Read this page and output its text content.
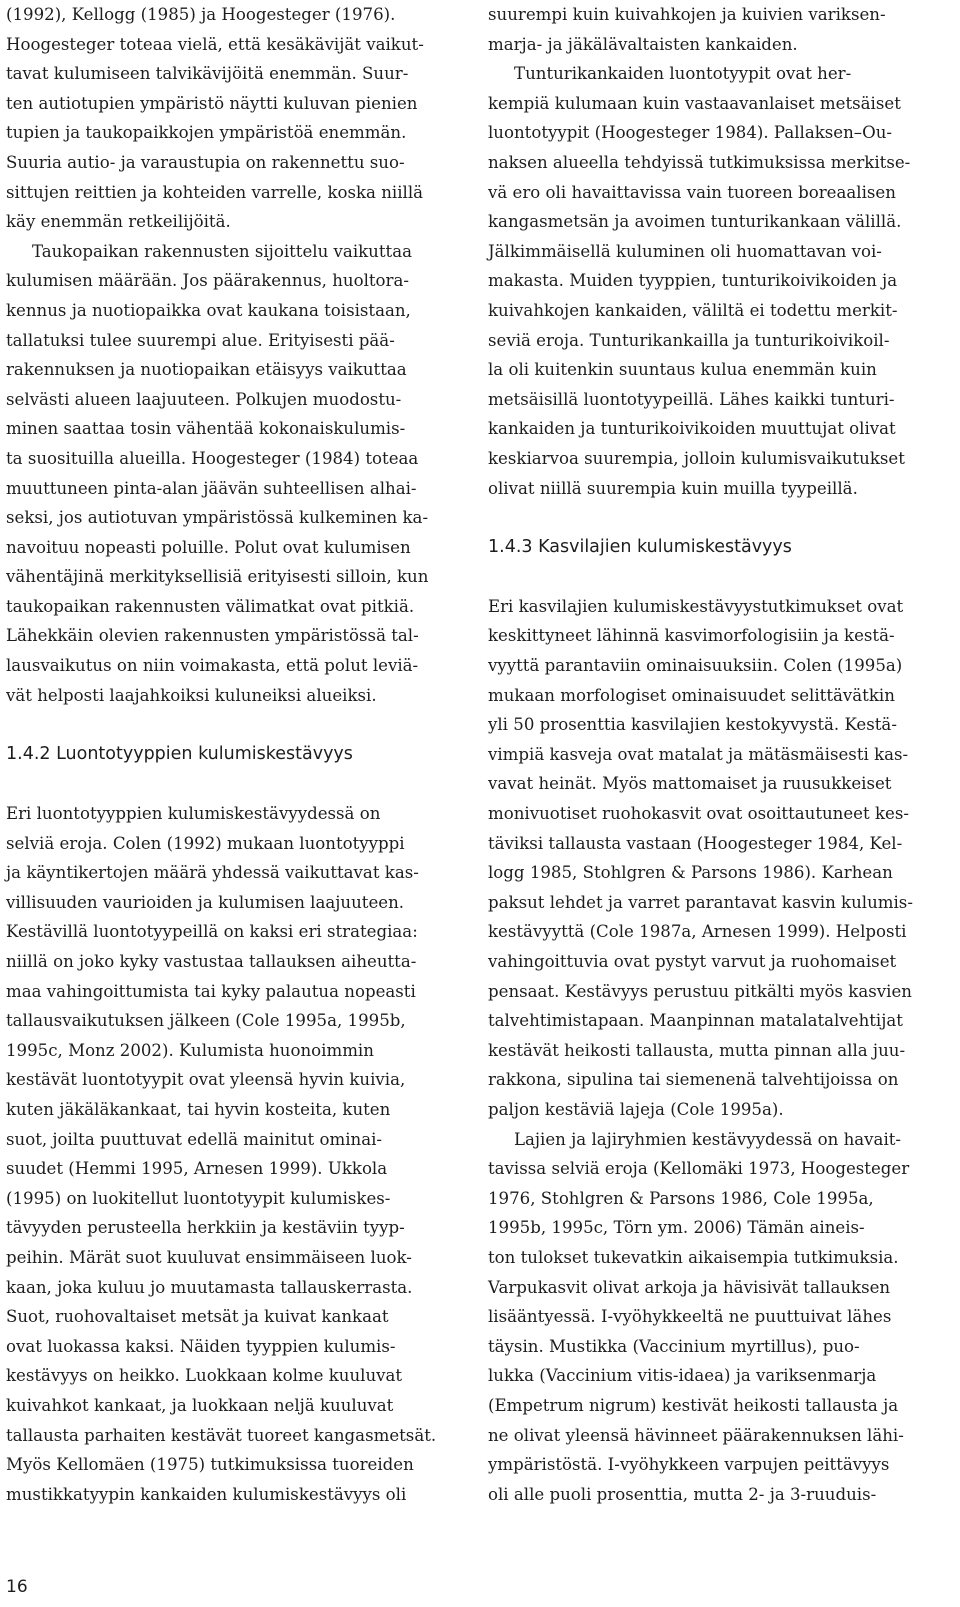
(1992), Kellogg (1985) ja Hoogesteger (1976).

Hoogesteger toteaa vielä, että kesäkävijät vaikut-

tavat kulumiseen talvikävijöitä enemmän. Suur-

ten autiotupien ympäristö näytti kuluvan pienien

tupien ja taukopaikkojen ympäristöä enemmän.

Suuria autio- ja varaustupia on rakennettu suo-

sittujen reittien ja kohteiden varrelle, koska niillä

käy enemmän retkeilijöitä.

Taukopaikan rakennusten sijoittelu vaikuttaa

kulumisen määrään. Jos päärakennus, huoltora-

kennus ja nuotiopaikka ovat kaukana toisistaan,

tallatuksi tulee suurempi alue. Erityisesti pää-

rakennuksen ja nuotiopaikan etäisyys vaikuttaa

selvästi alueen laajuuteen. Polkujen muodostu-

minen saattaa tosin vähentää kokonaiskulumis-

ta suosituilla alueilla. Hoogesteger (1984) toteaa

muuttuneen pinta-alan jäävän suhteellisen alhai-

seksi, jos autiotuvan ympäristössä kulkeminen ka-

navoituu nopeasti poluille. Polut ovat kulumisen

vähentäjinä merkityksellisiä erityisesti silloin, kun

taukopaikan rakennusten välimatkat ovat pitkiä.

Lähekkäin olevien rakennusten ympäristössä tal-

lausvaikutus on niin voimakasta, että polut leviä-

vät helposti laajahkoiksi kuluneiksi alueiksi.

1.4.2 Luontotyyppien kulumiskestävyys

Eri luontotyyppien kulumiskestävyydessä on

selviä eroja. Colen (1992) mukaan luontotyyppi

ja käyntikertojen määrä yhdessä vaikuttavat kas-

villisuuden vaurioiden ja kulumisen laajuuteen.

Kestävillä luontotyypeillä on kaksi eri strategiaa:

niillä on joko kyky vastustaa tallauksen aiheutta-

maa vahingoittumista tai kyky palautua nopeasti

tallausvaikutuksen jälkeen (Cole 1995a, 1995b,

1995c, Monz 2002). Kulumista huonoimmin

kestävät luontotyypit ovat yleensä hyvin kuivia,

kuten jäkäläkankaat, tai hyvin kosteita, kuten

suot, joilta puuttuvat edellä mainitut ominai-

suudet (Hemmi 1995, Arnesen 1999). Ukkola

(1995) on luokitellut luontotyypit kulumiskes-

tävyyden perusteella herkkiin ja kestäviin tyyp-

peihin. Märät suot kuuluvat ensimmäiseen luok-

kaan, joka kuluu jo muutamasta tallauskerrasta.

Suot, ruohovaltaiset metsät ja kuivat kankaat

ovat luokassa kaksi. Näiden tyyppien kulumis-

kestävyys on heikko. Luokkaan kolme kuuluvat

kuivahkot kankaat, ja luokkaan neljä kuuluvat

tallausta parhaiten kestävät tuoreet kangasmetsät.

Myös Kellomäen (1975) tutkimuksissa tuoreiden

mustikkatyypin kankaiden kulumiskestävyys oli

suurempi kuin kuivahkojen ja kuivien variksen-

marja- ja jäkälävaltaisten kankaiden.

Tunturikankaiden luontotyypit ovat her-

kempiä kulumaan kuin vastaavanlaiset metsäiset

luontotyypit (Hoogesteger 1984). Pallaksen–Ou-

naksen alueella tehdyissä tutkimuksissa merkitse-

vä ero oli havaittavissa vain tuoreen boreaalisen

kangasmetsän ja avoimen tunturikankaan välillä.

Jälkimmäisellä kuluminen oli huomattavan voi-

makasta. Muiden tyyppien, tunturikoivikoiden ja

kuivahkojen kankaiden, väliltä ei todettu merkit-

seviä eroja. Tunturikankailla ja tunturikoivikoil-

la oli kuitenkin suuntaus kulua enemmän kuin

metsäisillä luontotyypeillä. Lähes kaikki tunturi-

kankaiden ja tunturikoivikoiden muuttujat olivat

keskiarvoa suurempia, jolloin kulumisvaikutukset

olivat niillä suurempia kuin muilla tyypeillä.

1.4.3 Kasvilajien kulumiskestävyys

Eri kasvilajien kulumiskestävyystutkimukset ovat

keskittyneet lähinnä kasvimorfologisiin ja kestä-

vyyttä parantaviin ominaisuuksiin. Colen (1995a)

mukaan morfologiset ominaisuudet selittävätkin

yli 50 prosenttia kasvilajien kestokyvystä. Kestä-

vimpiä kasveja ovat matalat ja mätäsmäisesti kas-

vavat heinät. Myös mattomaiset ja ruusukkeiset

monivuotiset ruohokasvit ovat osoittautuneet kes-

täviksi tallausta vastaan (Hoogesteger 1984, Kel-

logg 1985, Stohlgren & Parsons 1986). Karhean

paksut lehdet ja varret parantavat kasvin kulumis-

kestävyyttä (Cole 1987a, Arnesen 1999). Helposti

vahingoittuvia ovat pystyt varvut ja ruohomaiset

pensaat. Kestävyys perustuu pitkälti myös kasvien

talvehtimistapaan. Maanpinnan matalatalvehtijat

kestävät heikosti tallausta, mutta pinnan alla juu-

rakkona, sipulina tai siemenenä talvehtijoissa on

paljon kestäviä lajeja (Cole 1995a).

Lajien ja lajiryhmien kestävyydessä on havait-

tavissa selviä eroja (Kellomäki 1973, Hoogesteger

1976, Stohlgren & Parsons 1986, Cole 1995a,

1995b, 1995c, Törn ym. 2006) Tämän aineis-

ton tulokset tukevatkin aikaisempia tutkimuksia.

Varpukasvit olivat arkoja ja hävisivät tallauksen

lisääntyessä. I-vyöhykkeeltä ne puuttuivat lähes

täysin. Mustikka (Vaccinium myrtillus), puo-

lukka (Vaccinium vitis-idaea) ja variksenmarja

(Empetrum nigrum) kestivät heikosti tallausta ja

ne olivat yleensä hävinneet päärakennuksen lähi-

ympäristöstä. I-vyöhykkeen varpujen peittävyys

oli alle puoli prosenttia, mutta 2- ja 3-ruuduis-

16
